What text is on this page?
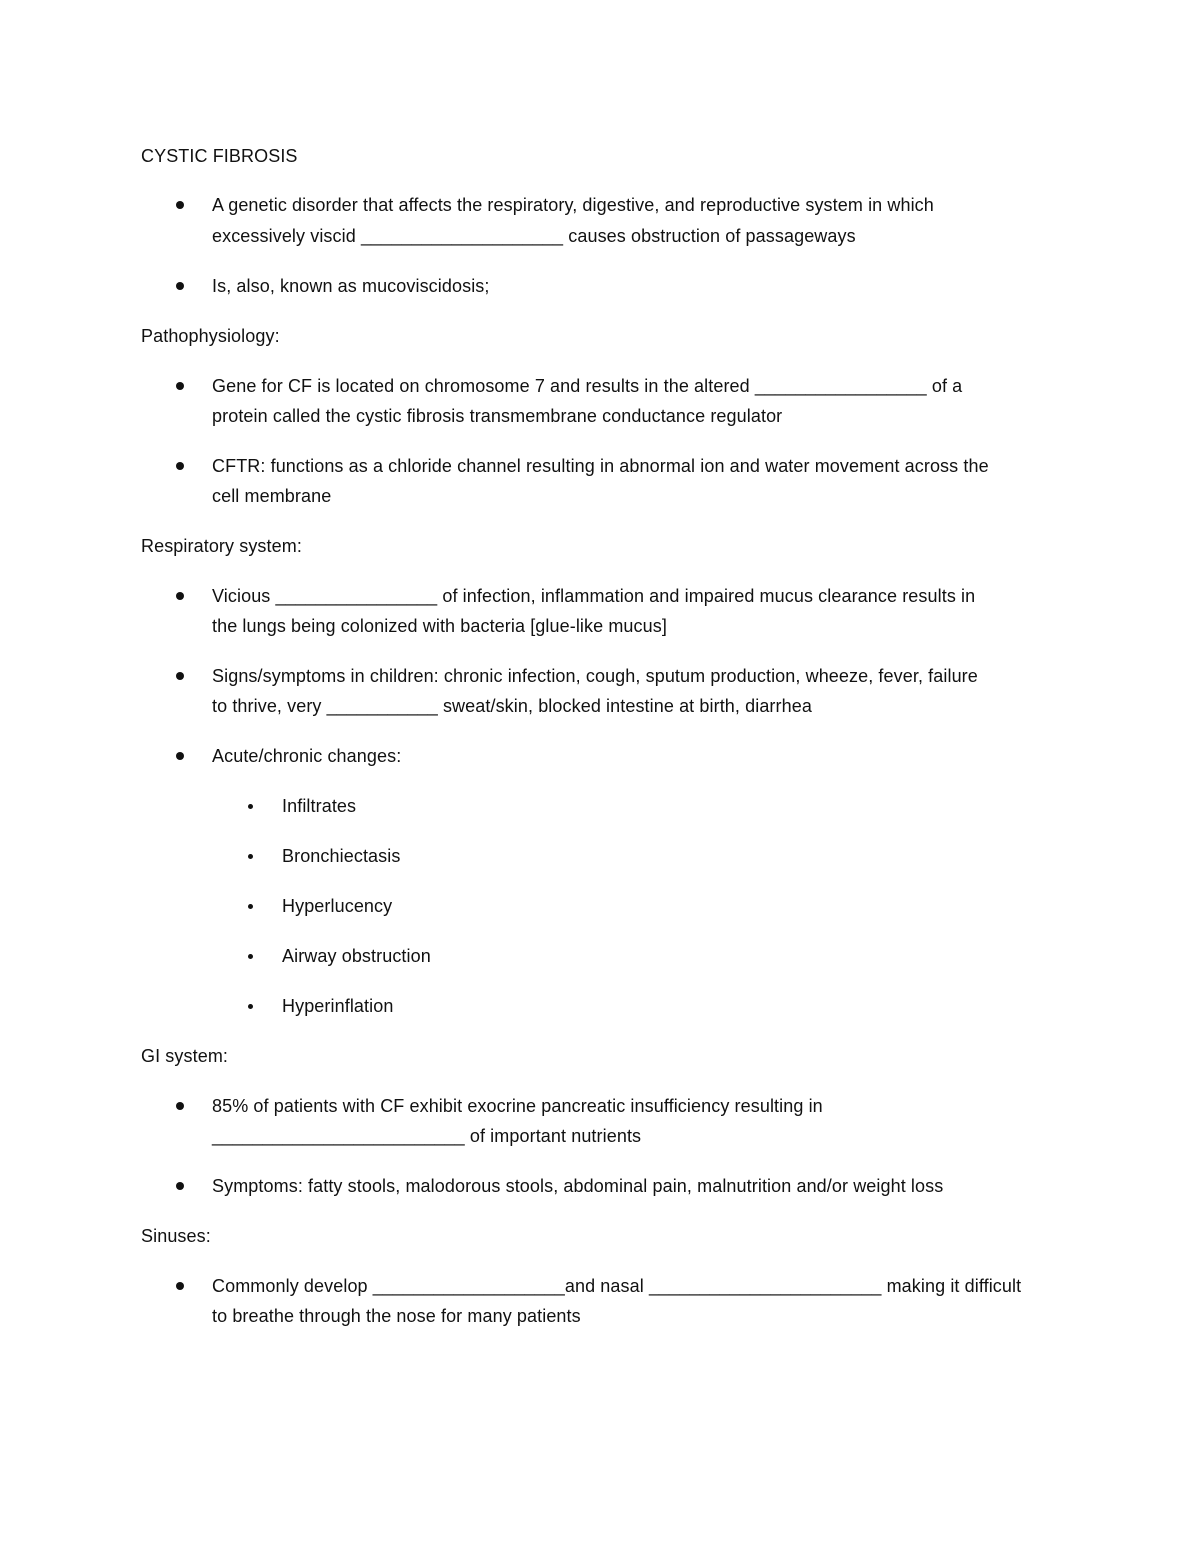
CYSTIC FIBROSIS
A genetic disorder that affects the respiratory, digestive, and reproductive system in which
excessively viscid ____________________ causes obstruction of passageways
Is, also, known as mucoviscidosis;
Pathophysiology:
Gene for CF is located on chromosome 7 and results in the altered _________________ of a
protein called the cystic fibrosis transmembrane conductance regulator
CFTR: functions as a chloride channel resulting in abnormal ion and water movement across the
cell membrane
Respiratory system:
Vicious ________________ of infection, inflammation and impaired mucus clearance results in
the lungs being colonized with bacteria [glue-like mucus]
Signs/symptoms in children: chronic infection, cough, sputum production, wheeze, fever, failure
to thrive, very ___________ sweat/skin, blocked intestine at birth, diarrhea
Acute/chronic changes:
Infiltrates
Bronchiectasis
Hyperlucency
Airway obstruction
Hyperinflation
GI system:
85% of patients with CF exhibit exocrine pancreatic insufficiency resulting in
_________________________ of important nutrients
Symptoms: fatty stools, malodorous stools, abdominal pain, malnutrition and/or weight loss
Sinuses:
Commonly develop ___________________and nasal _______________________ making it difficult
to breathe through the nose for many patients
